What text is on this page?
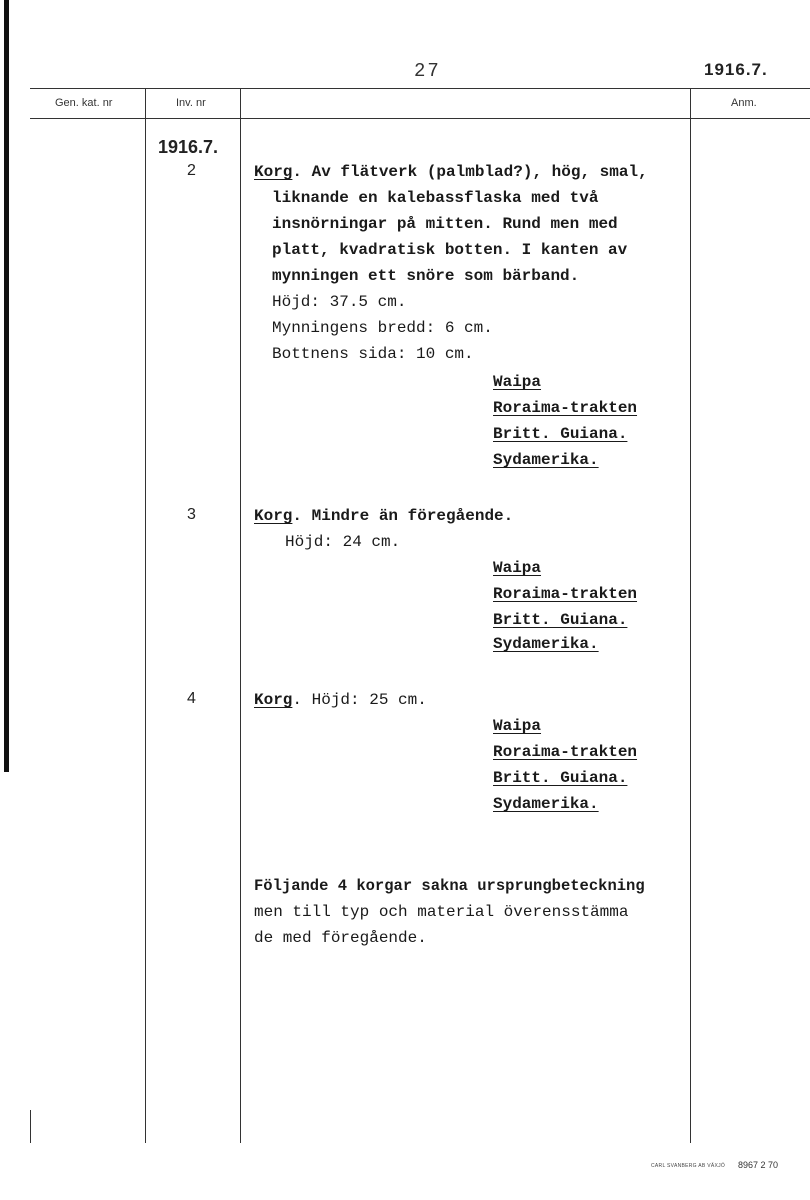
27	1916.7.
Gen. kat. nr	Inv. nr	Anm.
1916.7.
2	Korg. Av flätverk (palmblad?), hög, smal,
liknande en kalebassflaska med två
insnörningar på mitten. Rund men med
platt, kvadratisk botten. I kanten av
mynningen ett snöre som bärband.
Höjd: 37.5 cm.
Mynningens bredd: 6 cm.
Bottnens sida: 10 cm.
Waipa
Roraima-trakten
Britt. Guiana.
Sydamerika.
3	Korg. Mindre än föregående.
Höjd: 24 cm.
Waipa
Roraima-trakten
Britt. Guiana.
Sydamerika.
4	Korg. Höjd: 25 cm.
Waipa
Roraima-trakten
Britt. Guiana.
Sydamerika.
Följande 4 korgar sakna ursprungbeteckning
men till typ och material överensstämma
de med föregående.
CARL SVANBERG AB VÄXJÖ 8967 2 70
